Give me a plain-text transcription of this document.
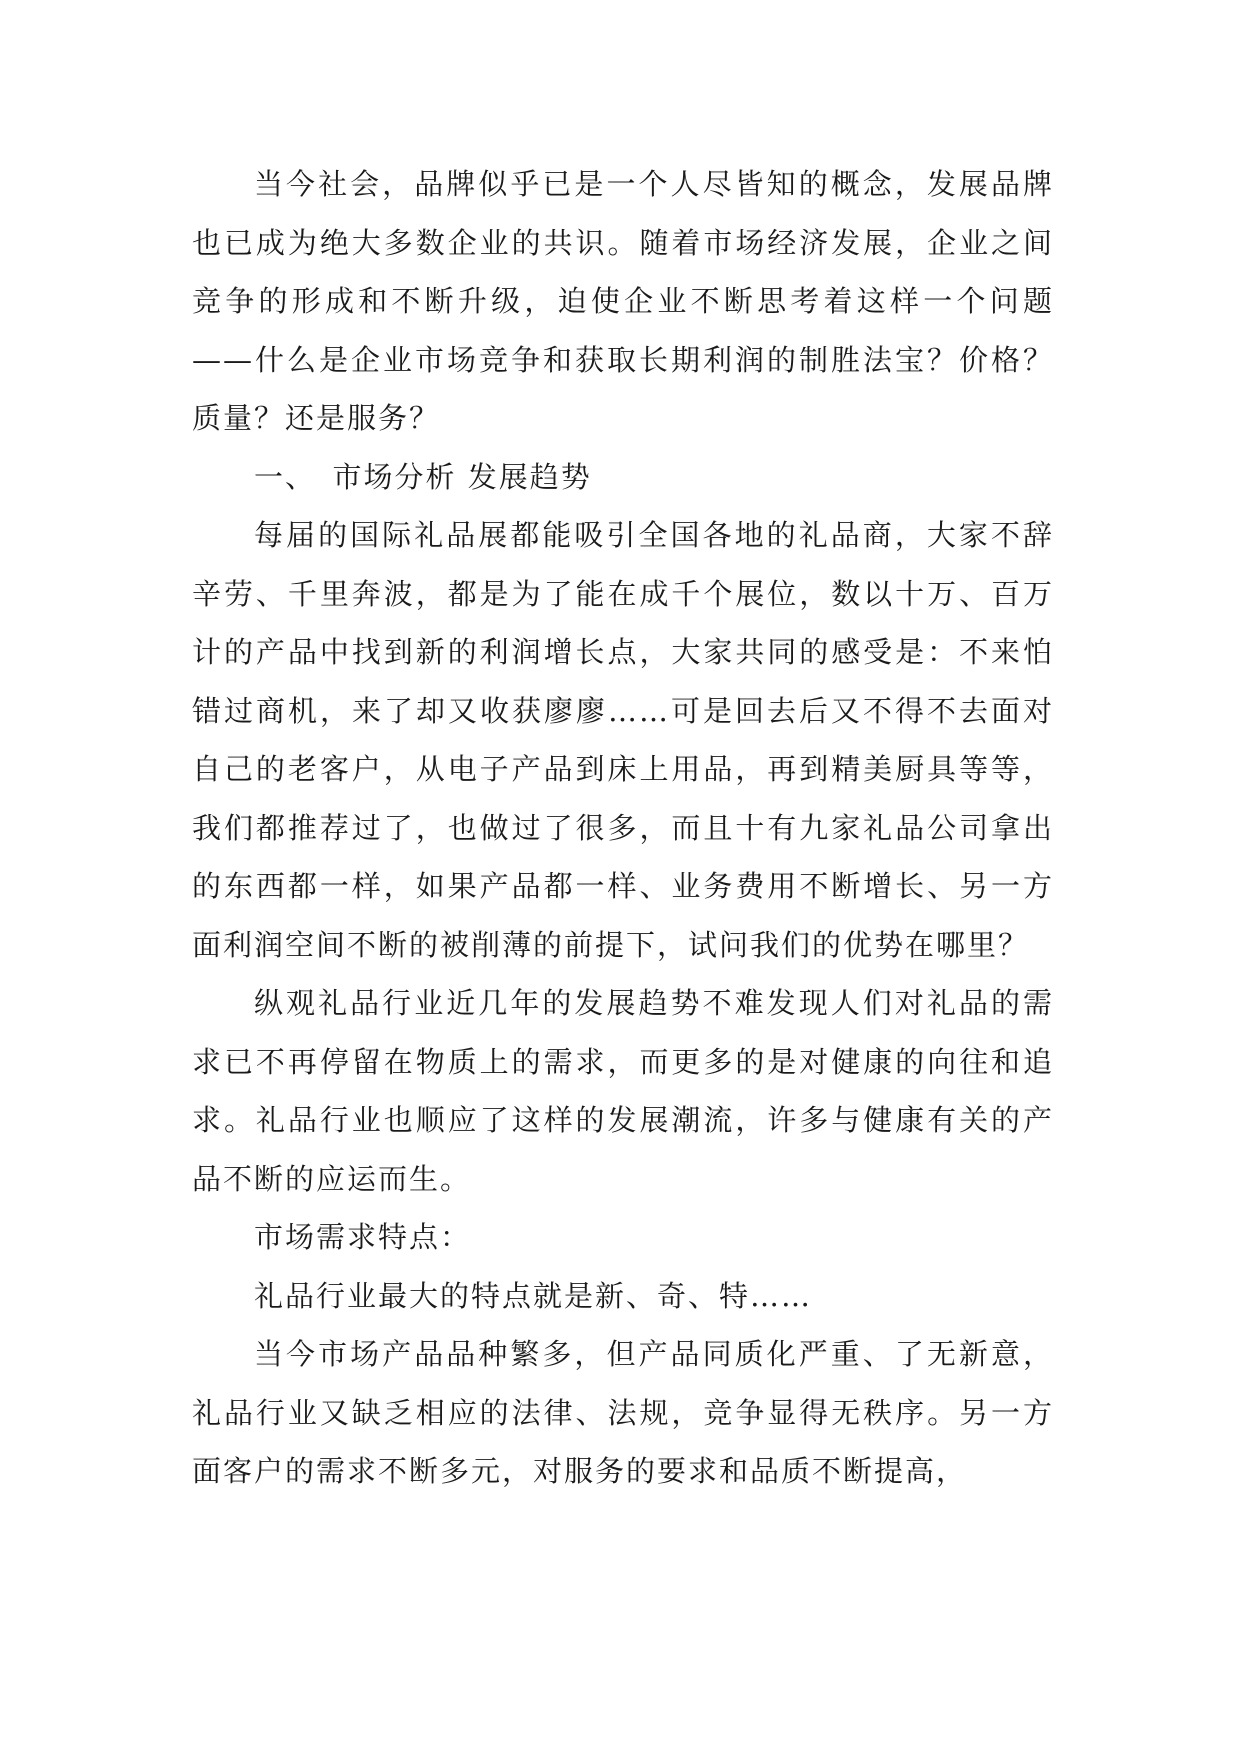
当今社会，品牌似乎已是一个人尽皆知的概念，发展品牌也已成为绝大多数企业的共识。随着市场经济发展，企业之间竞争的形成和不断升级，迫使企业不断思考着这样一个问题——什么是企业市场竞争和获取长期利润的制胜法宝？价格？质量？还是服务？

一、　市场分析 发展趋势

每届的国际礼品展都能吸引全国各地的礼品商，大家不辞辛劳、千里奔波，都是为了能在成千个展位，数以十万、百万计的产品中找到新的利润增长点，大家共同的感受是：不来怕错过商机，来了却又收获廖廖……可是回去后又不得不去面对自己的老客户，从电子产品到床上用品，再到精美厨具等等，我们都推荐过了，也做过了很多，而且十有九家礼品公司拿出的东西都一样，如果产品都一样、业务费用不断增长、另一方面利润空间不断的被削薄的前提下，试问我们的优势在哪里？

纵观礼品行业近几年的发展趋势不难发现人们对礼品的需求已不再停留在物质上的需求，而更多的是对健康的向往和追求。礼品行业也顺应了这样的发展潮流，许多与健康有关的产品不断的应运而生。

市场需求特点：

礼品行业最大的特点就是新、奇、特……

当今市场产品品种繁多，但产品同质化严重、了无新意，礼品行业又缺乏相应的法律、法规，竞争显得无秩序。另一方面客户的需求不断多元，对服务的要求和品质不断提高，
